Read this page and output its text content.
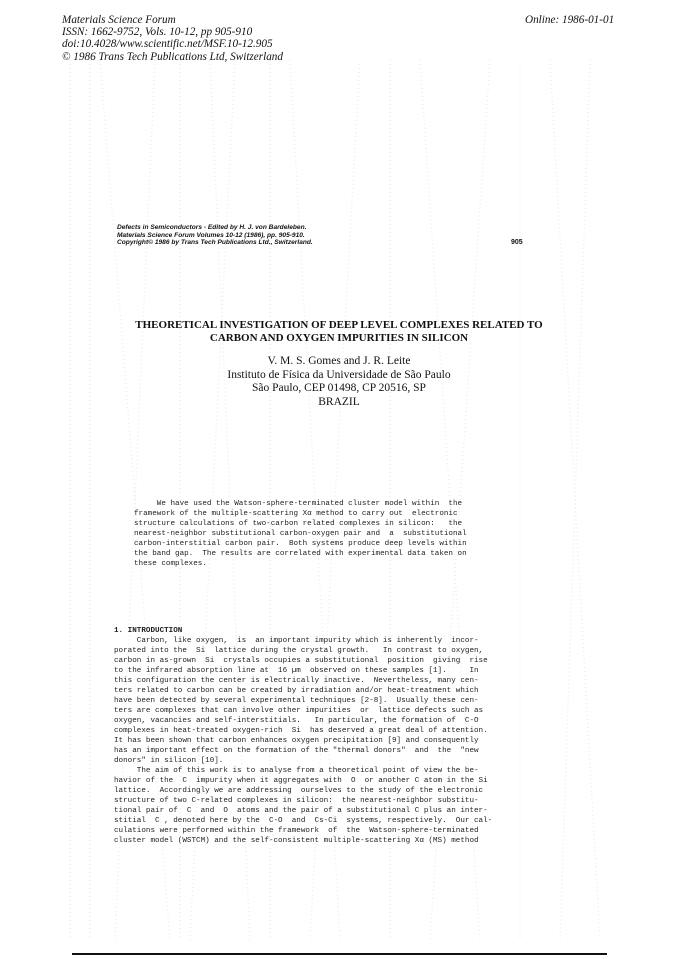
Materials Science Forum
ISSN: 1662-9752, Vols. 10-12, pp 905-910
doi:10.4028/www.scientific.net/MSF.10-12.905
© 1986 Trans Tech Publications Ltd, Switzerland
Online: 1986-01-01
Defects in Semiconductors - Edited by H. J. von Bardeleben.
Materials Science Forum Volumes 10-12 (1986), pp. 905-910.
Copyright© 1986 by Trans Tech Publications Ltd., Switzerland.	905
THEORETICAL INVESTIGATION OF DEEP LEVEL COMPLEXES RELATED TO
CARBON AND OXYGEN IMPURITIES IN SILICON
V. M. S. Gomes and J. R. Leite
Instituto de Física da Universidade de São Paulo
São Paulo, CEP 01498, CP 20516, SP
BRAZIL
We have used the Watson-sphere-terminated cluster model within  the
framework of the multiple-scattering Xα method to carry out  electronic
structure calculations of two-carbon related complexes in silicon:   the
nearest-neighbor substitutional carbon-oxygen pair and  a  substitutional
carbon-interstitial carbon pair.  Both systems produce deep levels within
the band gap.  The results are correlated with experimental data taken on
these complexes.
1. INTRODUCTION
Carbon, like oxygen,  is  an important impurity which is inherently  incor-
porated into the  Si  lattice during the crystal growth.   In contrast to oxygen,
carbon in as-grown  Si  crystals occupies a substitutional  position  giving  rise
to the infrared absorption line at  16 µm  observed on these samples [1].     In
this configuration the center is electrically inactive.  Nevertheless, many cen-
ters related to carbon can be created by irradiation and/or heat-treatment which
have been detected by several experimental techniques [2-8].  Usually these cen-
ters are complexes that can involve other impurities  or  lattice defects such as
oxygen, vacancies and self-interstitials.   In particular, the formation of  C-O
complexes in heat-treated oxygen-rich  Si  has deserved a great deal of attention.
It has been shown that carbon enhances oxygen precipitation [9] and consequently
has an important effect on the formation of the "thermal donors"  and  the  "new
donors" in silicon [10].
The aim of this work is to analyse from a theoretical point of view the be-
havior of the  C  impurity when it aggregates with  O  or another C atom in the Si
lattice.  Accordingly we are addressing  ourselves to the study of the electronic
structure of two C-related complexes in silicon:  the nearest-neighbor substitu-
tional pair of  C  and  O  atoms and the pair of a substitutional C plus an inter-
stitial  C , denoted here by the  C-O  and  Cs-Ci  systems, respectively.  Our cal-
culations were performed within the framework  of  the  Watson-sphere-terminated
cluster model (WSTCM) and the self-consistent multiple-scattering Xα (MS) method
